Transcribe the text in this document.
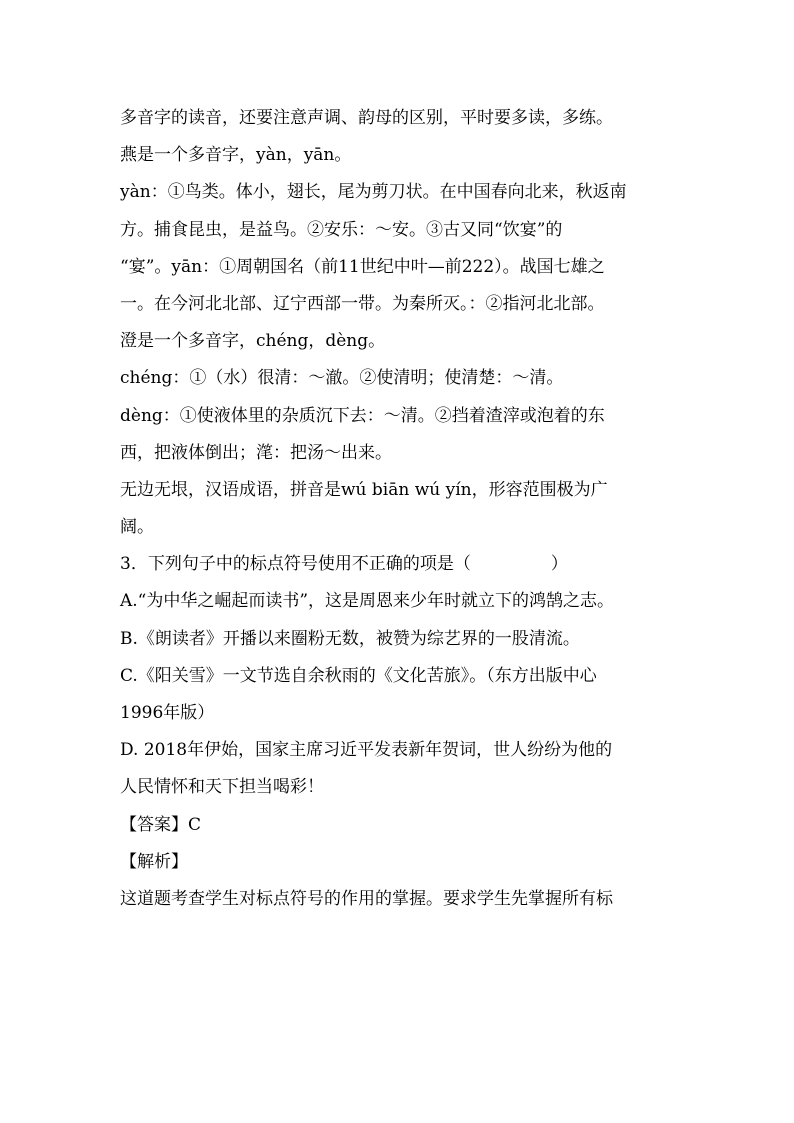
多音字的读音，还要注意声调、韵母的区别，平时要多读，多练。
燕是一个多音字，yàn，yān。
yàn：①鸟类。体小，翅长，尾为剪刀状。在中国春向北来，秋返南
方。捕食昆虫，是益鸟。②安乐：～安。③古又同“饮宴”的
“宴”。yān：①周朝国名（前11世纪中叶—前222）。战国七雄之
一。在今河北北部、辽宁西部一带。为秦所灭。：②指河北北部。
澄是一个多音字，chéng，dèng。
chéng：①（水）很清：～澈。②使清明；使清楚：～清。
dèng：①使液体里的杂质沉下去：～清。②挡着渣滓或泡着的东
西，把液体倒出；滗：把汤～出来。
无边无垠，汉语成语，拼音是wú biān wú yín，形容范围极为广
阔。
3．下列句子中的标点符号使用不正确的项是（	）
A.“为中华之崛起而读书”，这是周恩来少年时就立下的鸿鹄之志。
B.《朗读者》开播以来圈粉无数，被赞为综艺界的一股清流。
C.《阳关雪》一文节选自余秋雨的《文化苦旅》。（东方出版中心
1996年版）
D. 2018年伊始，国家主席习近平发表新年贺词，世人纷纷为他的
人民情怀和天下担当喝彩！
【答案】C
【解析】
这道题考查学生对标点符号的作用的掌握。要求学生先掌握所有标
